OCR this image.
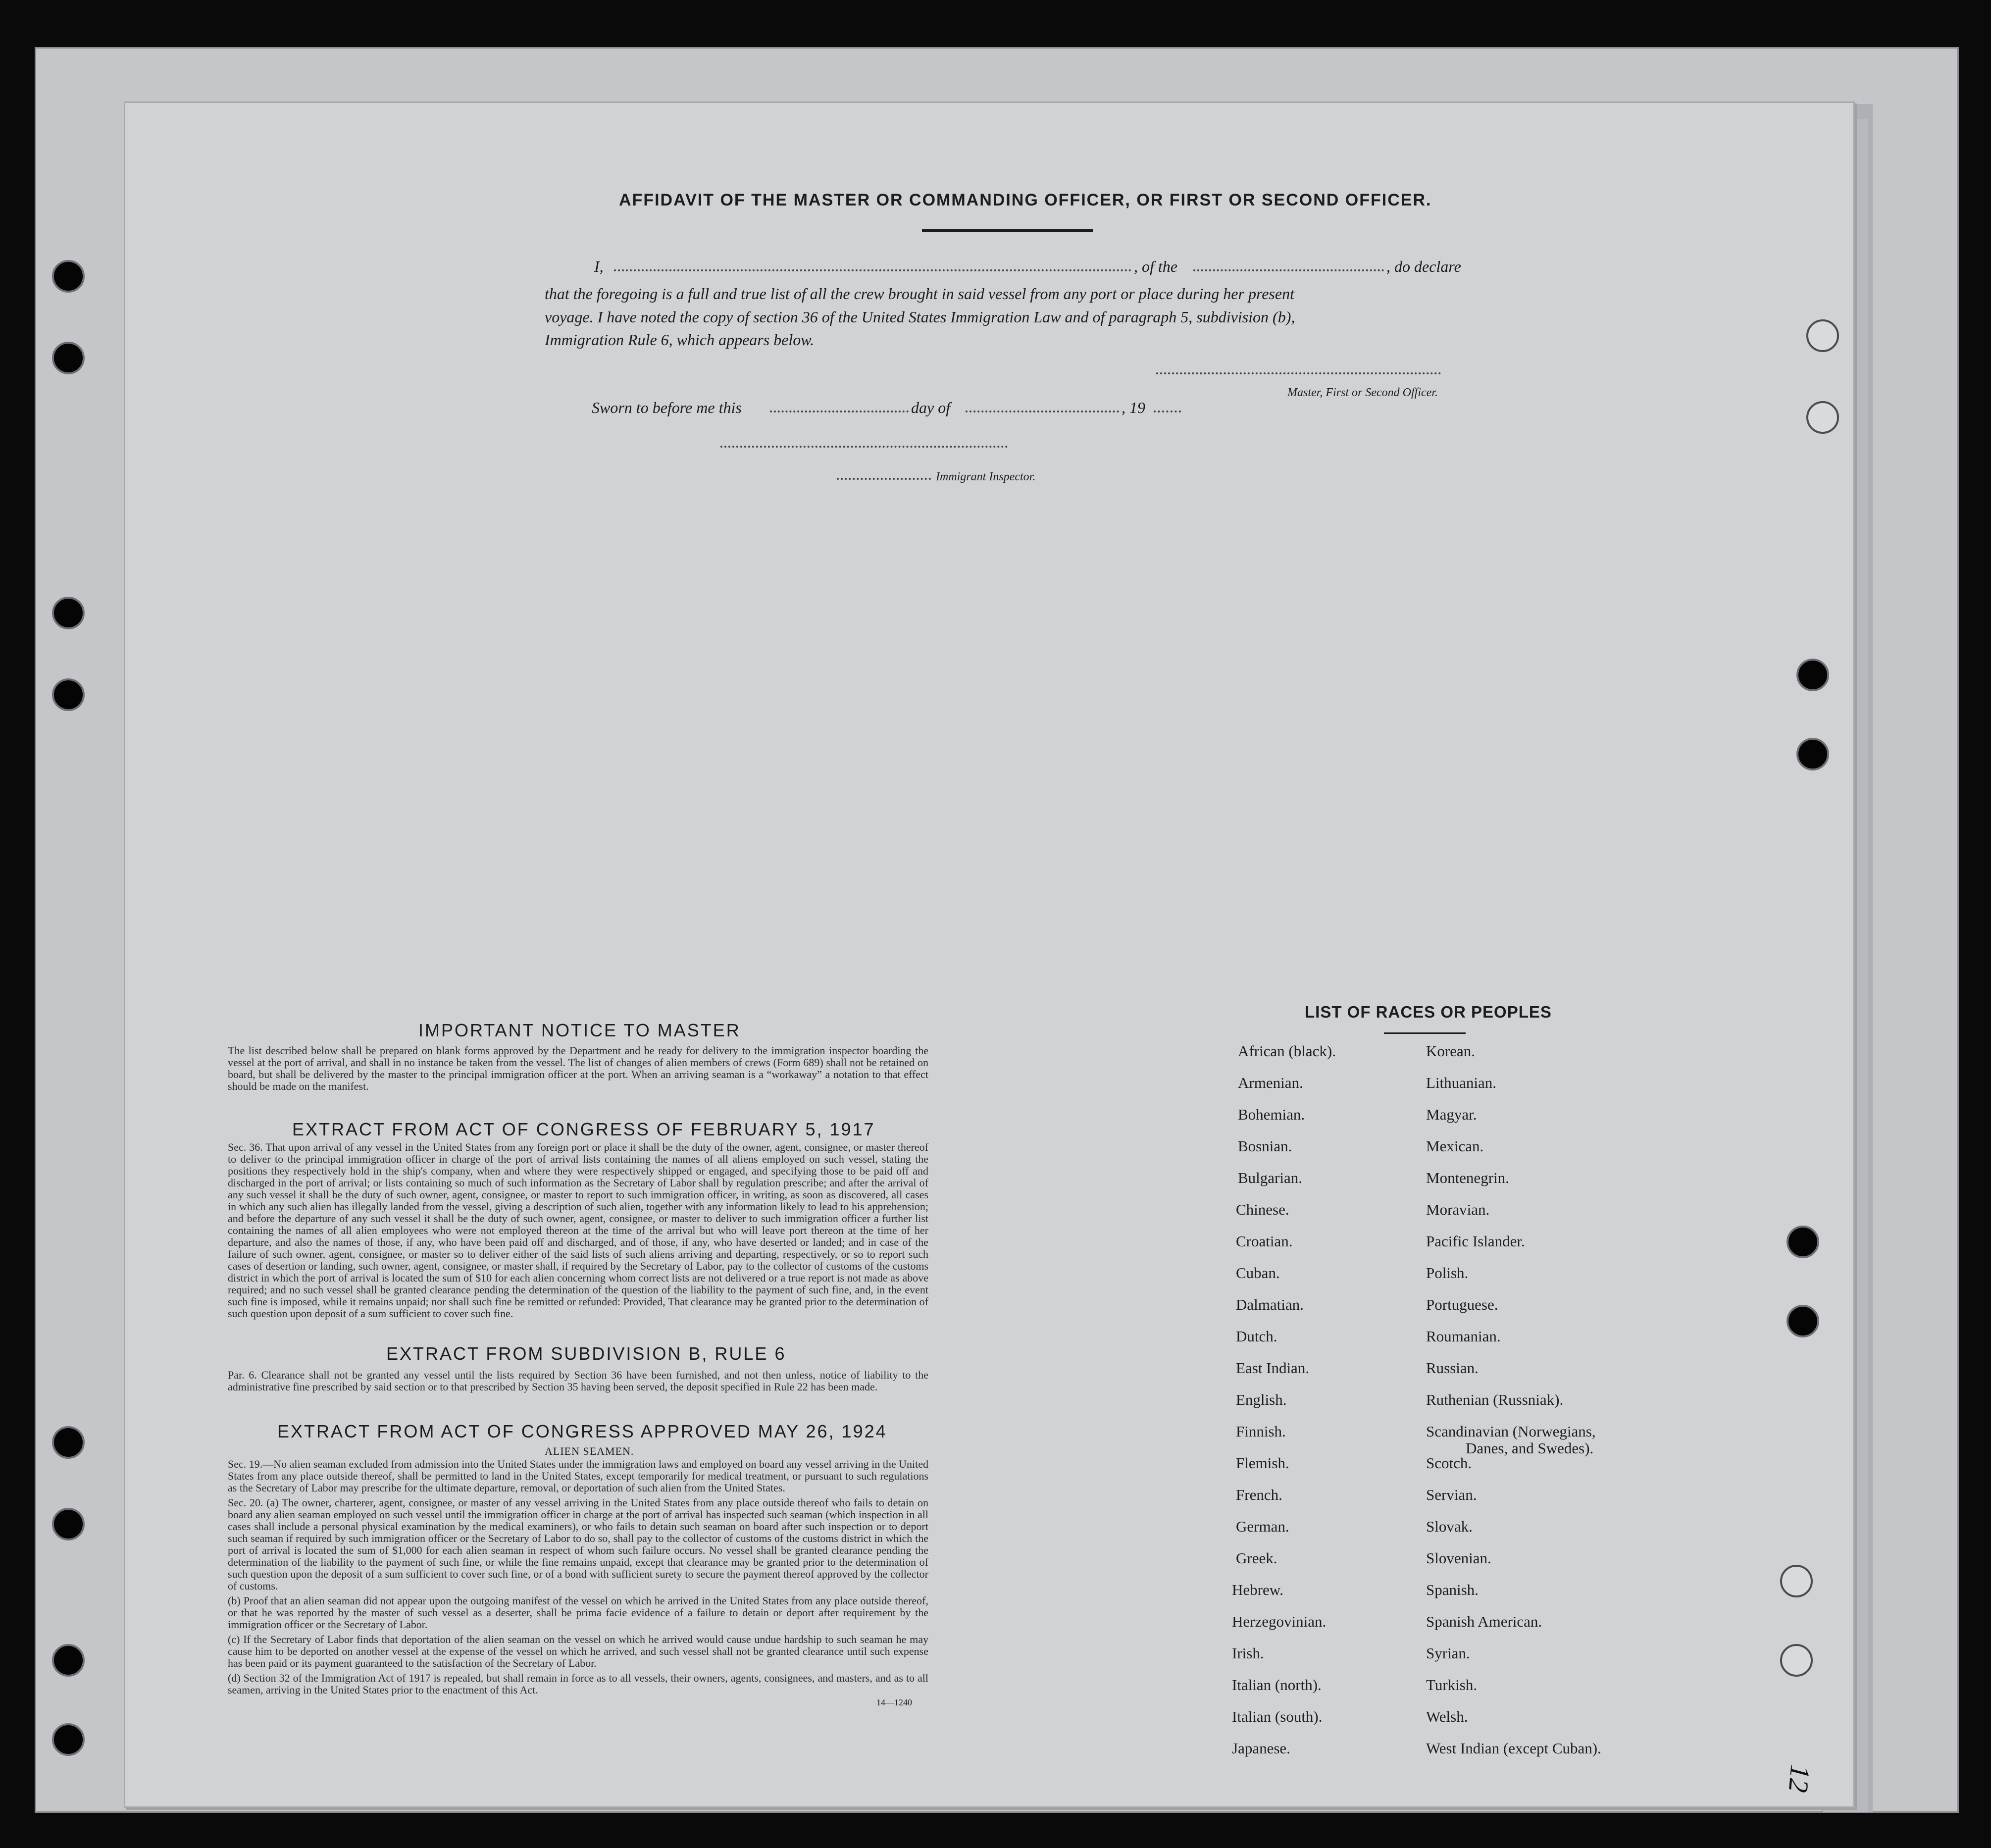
AFFIDAVIT OF THE MASTER OR COMMANDING OFFICER, OR FIRST OR SECOND OFFICER.
I,	, of the	, do declare
that the foregoing is a full and true list of all the crew brought in said vessel from any port or place during her present
voyage. I have noted the copy of section 36 of the United States Immigration Law and of paragraph 5, subdivision (b),
Immigration Rule 6, which appears below.
Master, First or Second Officer.
Sworn to before me this	day of	, 19
Immigrant Inspector.
IMPORTANT NOTICE TO MASTER
The list described below shall be prepared on blank forms approved by the Department and be ready for delivery to the immigration inspector boarding the vessel at the port of arrival, and shall in no instance be taken from the vessel. The list of changes of alien members of crews (Form 689) shall not be retained on board, but shall be delivered by the master to the principal immigration officer at the port. When an arriving seaman is a “workaway” a notation to that effect should be made on the manifest.
EXTRACT FROM ACT OF CONGRESS OF FEBRUARY 5, 1917
Sec. 36. That upon arrival of any vessel in the United States from any foreign port or place it shall be the duty of the owner, agent, consignee, or master thereof to deliver to the principal immigration officer in charge of the port of arrival lists containing the names of all aliens employed on such vessel, stating the positions they respectively hold in the ship's company, when and where they were respectively shipped or engaged, and specifying those to be paid off and discharged in the port of arrival; or lists containing so much of such information as the Secretary of Labor shall by regulation prescribe; and after the arrival of any such vessel it shall be the duty of such owner, agent, consignee, or master to report to such immigration officer, in writing, as soon as discovered, all cases in which any such alien has illegally landed from the vessel, giving a description of such alien, together with any information likely to lead to his apprehension; and before the departure of any such vessel it shall be the duty of such owner, agent, consignee, or master to deliver to such immigration officer a further list containing the names of all alien employees who were not employed thereon at the time of the arrival but who will leave port thereon at the time of her departure, and also the names of those, if any, who have been paid off and discharged, and of those, if any, who have deserted or landed; and in case of the failure of such owner, agent, consignee, or master so to deliver either of the said lists of such aliens arriving and departing, respectively, or so to report such cases of desertion or landing, such owner, agent, consignee, or master shall, if required by the Secretary of Labor, pay to the collector of customs of the customs district in which the port of arrival is located the sum of $10 for each alien concerning whom correct lists are not delivered or a true report is not made as above required; and no such vessel shall be granted clearance pending the determination of the question of the liability to the payment of such fine, and, in the event such fine is imposed, while it remains unpaid; nor shall such fine be remitted or refunded: Provided, That clearance may be granted prior to the determination of such question upon deposit of a sum sufficient to cover such fine.
EXTRACT FROM SUBDIVISION B, RULE 6
Par. 6. Clearance shall not be granted any vessel until the lists required by Section 36 have been furnished, and not then unless, notice of liability to the administrative fine prescribed by said section or to that prescribed by Section 35 having been served, the deposit specified in Rule 22 has been made.
EXTRACT FROM ACT OF CONGRESS APPROVED MAY 26, 1924
ALIEN SEAMEN.
Sec. 19.—No alien seaman excluded from admission into the United States under the immigration laws and employed on board any vessel arriving in the United States from any place outside thereof, shall be permitted to land in the United States, except temporarily for medical treatment, or pursuant to such regulations as the Secretary of Labor may prescribe for the ultimate departure, removal, or deportation of such alien from the United States.
Sec. 20. (a) The owner, charterer, agent, consignee, or master of any vessel arriving in the United States from any place outside thereof who fails to detain on board any alien seaman employed on such vessel until the immigration officer in charge at the port of arrival has inspected such seaman (which inspection in all cases shall include a personal physical examination by the medical examiners), or who fails to detain such seaman on board after such inspection or to deport such seaman if required by such immigration officer or the Secretary of Labor to do so, shall pay to the collector of customs of the customs district in which the port of arrival is located the sum of $1,000 for each alien seaman in respect of whom such failure occurs. No vessel shall be granted clearance pending the determination of the liability to the payment of such fine, or while the fine remains unpaid, except that clearance may be granted prior to the determination of such question upon the deposit of a sum sufficient to cover such fine, or of a bond with sufficient surety to secure the payment thereof approved by the collector of customs.
(b) Proof that an alien seaman did not appear upon the outgoing manifest of the vessel on which he arrived in the United States from any place outside thereof, or that he was reported by the master of such vessel as a deserter, shall be prima facie evidence of a failure to detain or deport after requirement by the immigration officer or the Secretary of Labor.
(c) If the Secretary of Labor finds that deportation of the alien seaman on the vessel on which he arrived would cause undue hardship to such seaman he may cause him to be deported on another vessel at the expense of the vessel on which he arrived, and such vessel shall not be granted clearance until such expense has been paid or its payment guaranteed to the satisfaction of the Secretary of Labor.
(d) Section 32 of the Immigration Act of 1917 is repealed, but shall remain in force as to all vessels, their owners, agents, consignees, and masters, and as to all seamen, arriving in the United States prior to the enactment of this Act.
14—1240
LIST OF RACES OR PEOPLES
African (black).
Armenian.
Bohemian.
Bosnian.
Bulgarian.
Chinese.
Croatian.
Cuban.
Dalmatian.
Dutch.
East Indian.
English.
Finnish.
Flemish.
French.
German.
Greek.
Hebrew.
Herzegovinian.
Irish.
Italian (north).
Italian (south).
Japanese.
Korean.
Lithuanian.
Magyar.
Mexican.
Montenegrin.
Moravian.
Pacific Islander.
Polish.
Portuguese.
Roumanian.
Russian.
Ruthenian (Russniak).
Scandinavian (Norwegians,
Danes, and Swedes).
Scotch.
Servian.
Slovak.
Slovenian.
Spanish.
Spanish American.
Syrian.
Turkish.
Welsh.
West Indian (except Cuban).
12
